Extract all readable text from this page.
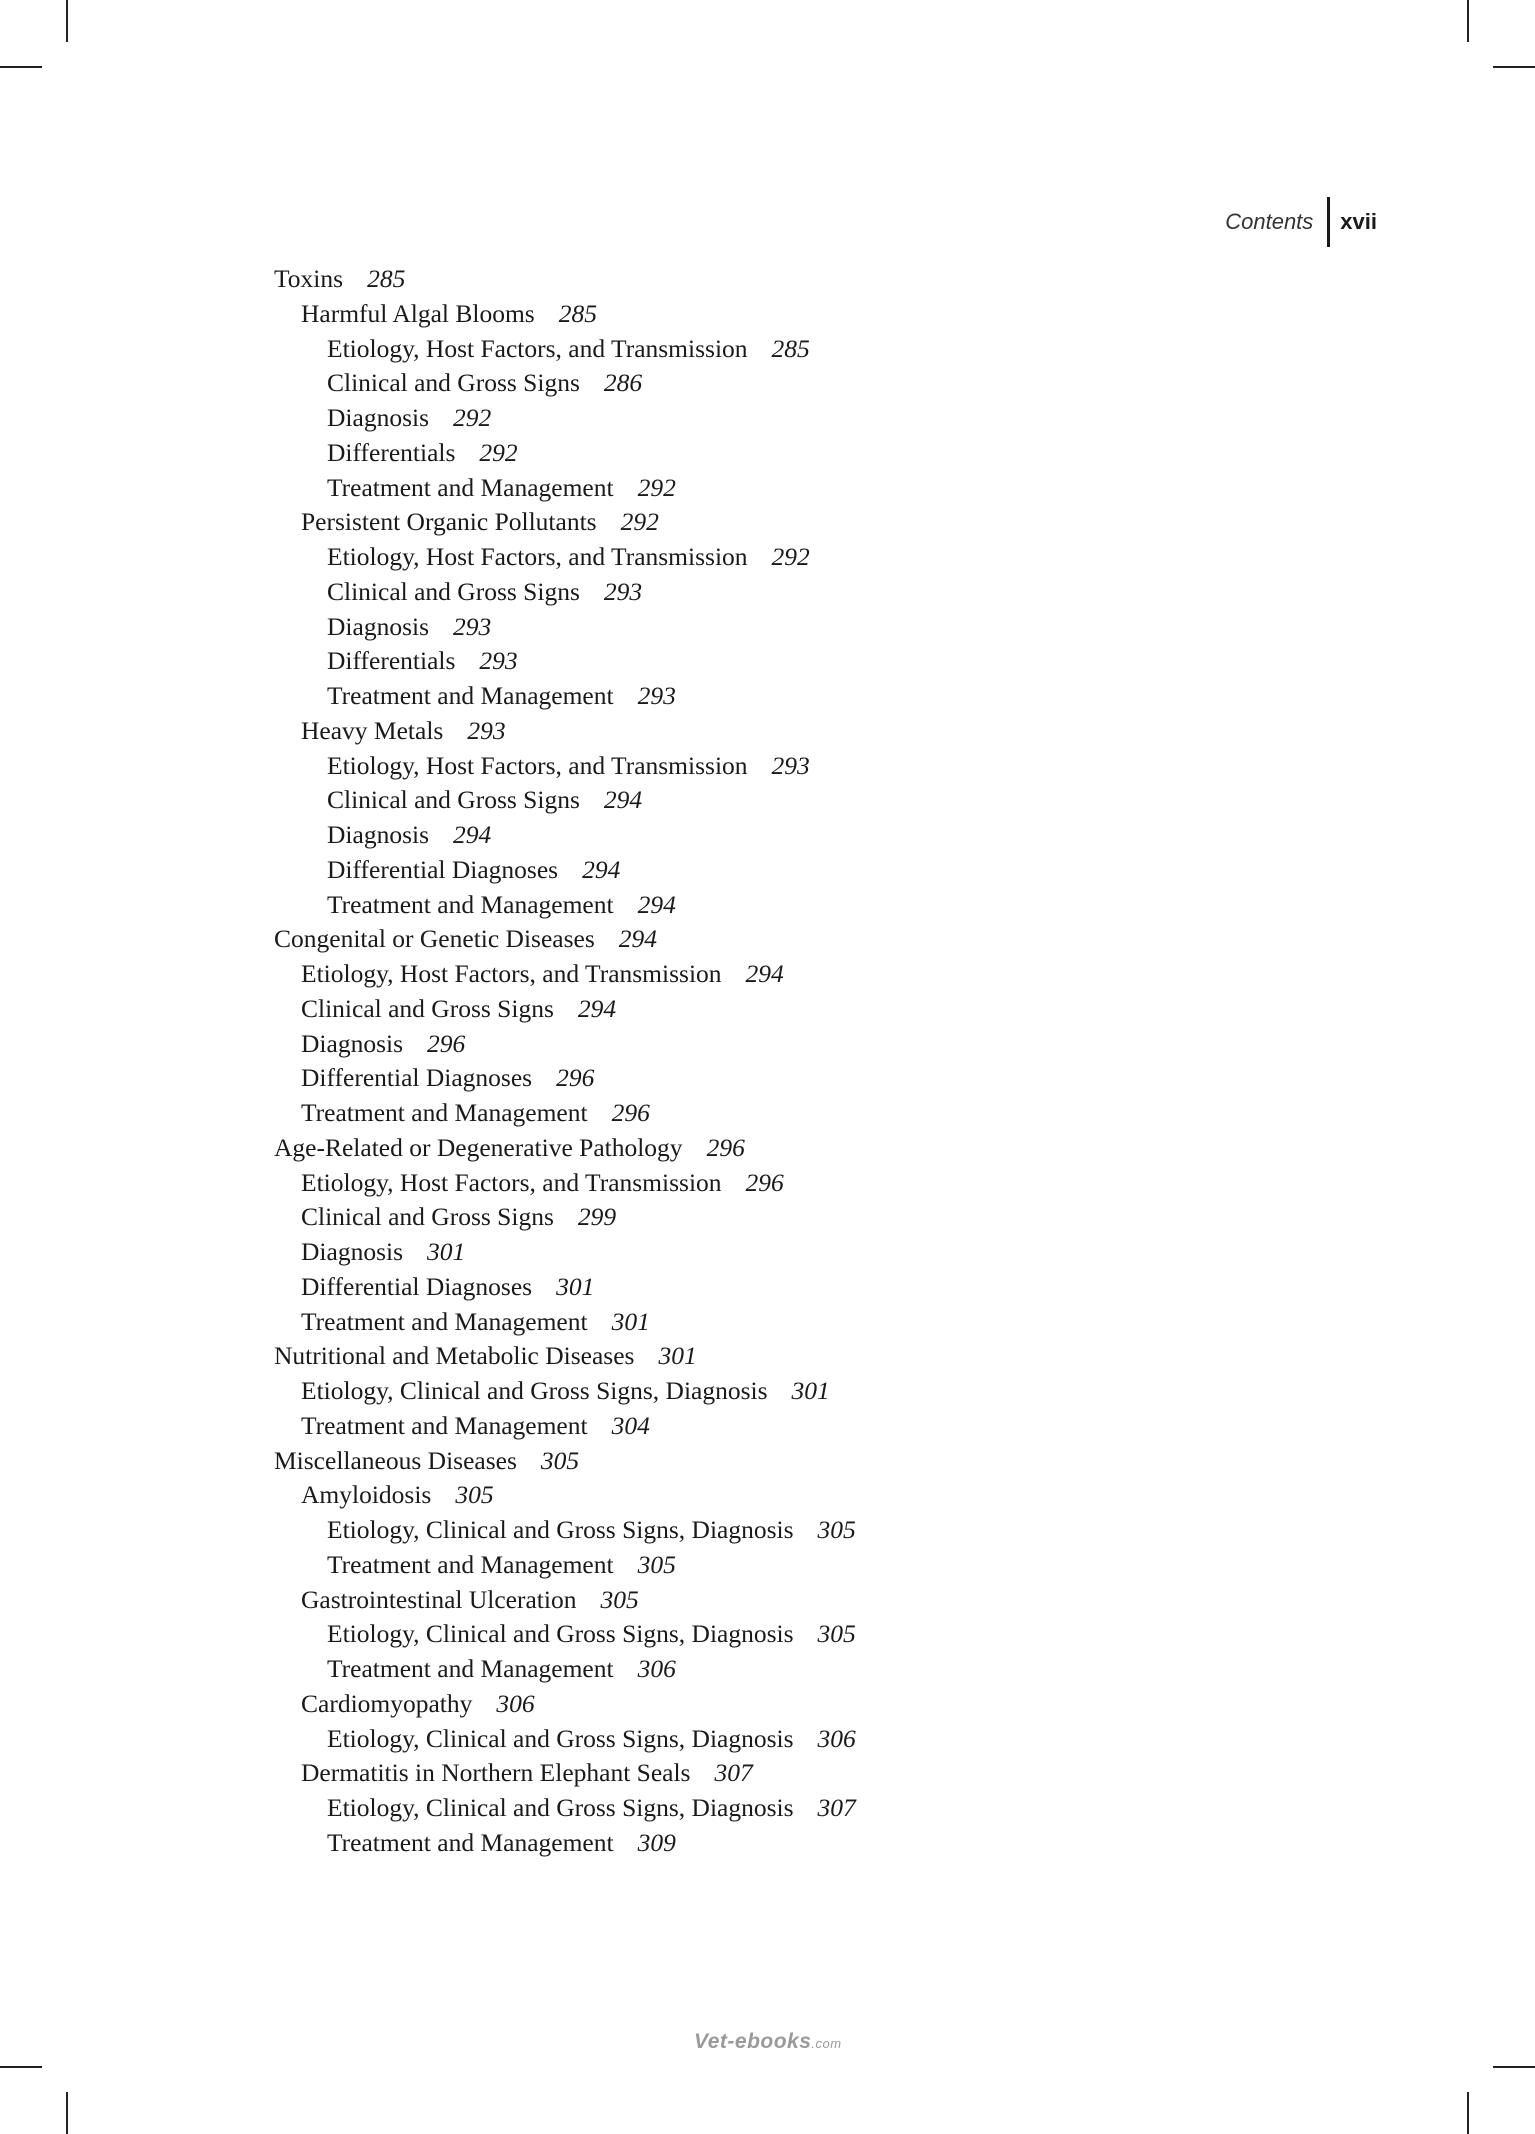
Contents	xvii
Toxins 285
Harmful Algal Blooms 285
Etiology, Host Factors, and Transmission 285
Clinical and Gross Signs 286
Diagnosis 292
Differentials 292
Treatment and Management 292
Persistent Organic Pollutants 292
Etiology, Host Factors, and Transmission 292
Clinical and Gross Signs 293
Diagnosis 293
Differentials 293
Treatment and Management 293
Heavy Metals 293
Etiology, Host Factors, and Transmission 293
Clinical and Gross Signs 294
Diagnosis 294
Differential Diagnoses 294
Treatment and Management 294
Congenital or Genetic Diseases 294
Etiology, Host Factors, and Transmission 294
Clinical and Gross Signs 294
Diagnosis 296
Differential Diagnoses 296
Treatment and Management 296
Age-Related or Degenerative Pathology 296
Etiology, Host Factors, and Transmission 296
Clinical and Gross Signs 299
Diagnosis 301
Differential Diagnoses 301
Treatment and Management 301
Nutritional and Metabolic Diseases 301
Etiology, Clinical and Gross Signs, Diagnosis 301
Treatment and Management 304
Miscellaneous Diseases 305
Amyloidosis 305
Etiology, Clinical and Gross Signs, Diagnosis 305
Treatment and Management 305
Gastrointestinal Ulceration 305
Etiology, Clinical and Gross Signs, Diagnosis 305
Treatment and Management 306
Cardiomyopathy 306
Etiology, Clinical and Gross Signs, Diagnosis 306
Dermatitis in Northern Elephant Seals 307
Etiology, Clinical and Gross Signs, Diagnosis 307
Treatment and Management 309
Vet-ebooks.com
